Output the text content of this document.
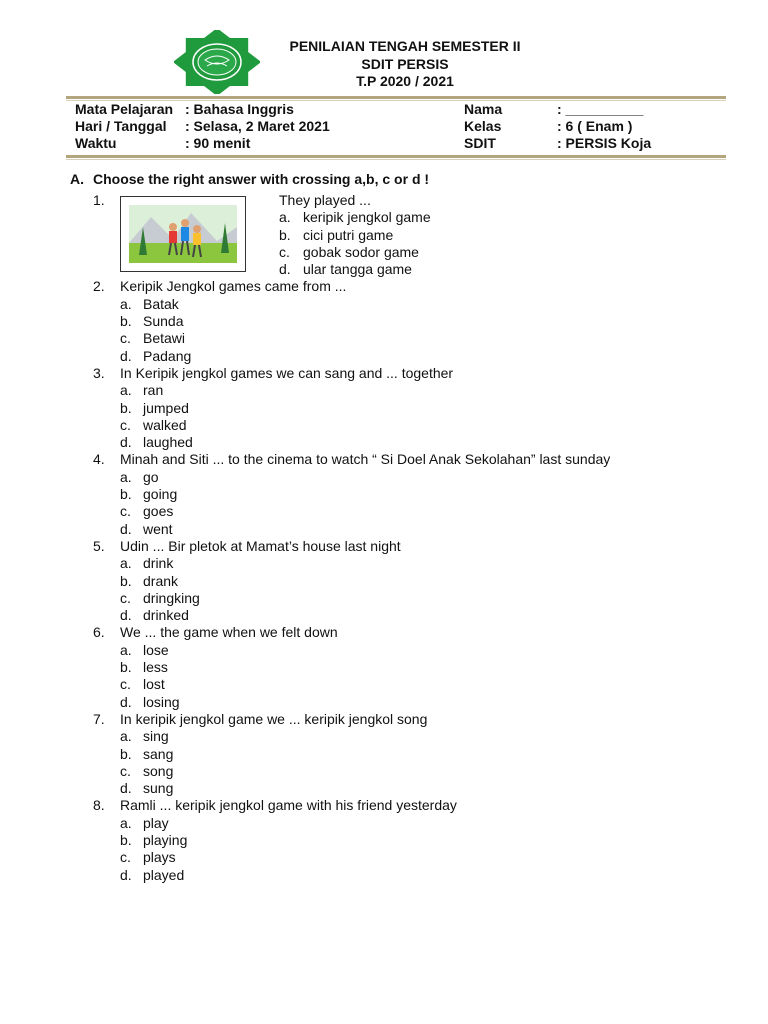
PENILAIAN TENGAH SEMESTER II
SDIT PERSIS
T.P 2020 / 2021
Mata Pelajaran : Bahasa Inggris	Nama	: __________
Hari / Tanggal : Selasa, 2 Maret 2021	Kelas	: 6 ( Enam )
Waktu	: 90 menit	SDIT	: PERSIS Koja
A. Choose the right answer with crossing a,b, c or d !
1.	They played ...
a. keripik jengkol game
b. cici putri game
c. gobak sodor game
d. ular tangga game
2. Keripik Jengkol games came from ...
a. Batak
b. Sunda
c. Betawi
d. Padang
3. In Keripik jengkol games we can sang and ... together
a. ran
b. jumped
c. walked
d. laughed
4. Minah and Siti ... to the cinema to watch “ Si Doel Anak Sekolahan” last sunday
a. go
b. going
c. goes
d. went
5. Udin ... Bir pletok at Mamat’s house last night
a. drink
b. drank
c. dringking
d. drinked
6. We ... the game when we felt down
a. lose
b. less
c. lost
d. losing
7. In keripik jengkol game we ... keripik jengkol song
a. sing
b. sang
c. song
d. sung
8. Ramli ... keripik jengkol game with his friend yesterday
a. play
b. playing
c. plays
d. played
